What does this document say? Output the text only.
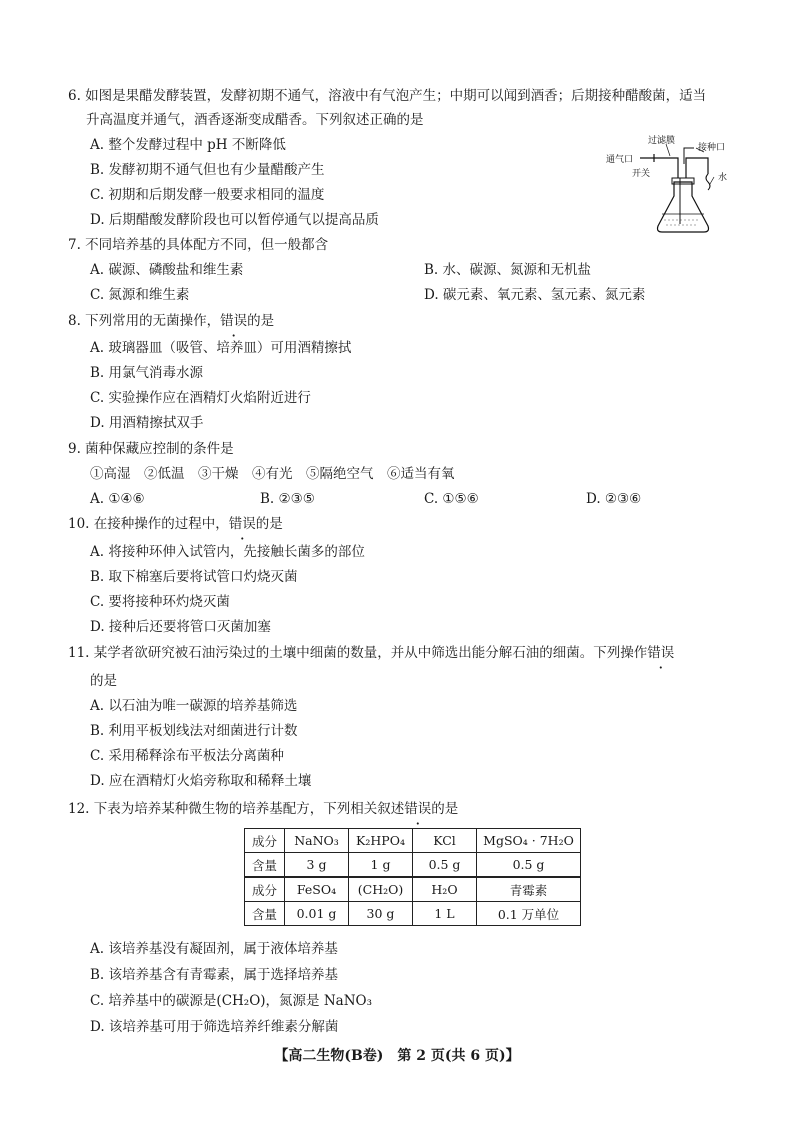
6. 如图是果醋发酵装置，发酵初期不通气，溶液中有气泡产生；中期可以闻到酒香；后期接种醋酸菌，适当
升高温度并通气，酒香逐渐变成醋香。下列叙述正确的是
A. 整个发酵过程中 pH 不断降低
B. 发酵初期不通气但也有少量醋酸产生
C. 初期和后期发酵一般要求相同的温度
D. 后期醋酸发酵阶段也可以暂停通气以提高品质
过滤膜
接种口
通气口
开关	水
7. 不同培养基的具体配方不同，但一般都含
A. 碳源、磷酸盐和维生素	B. 水、碳源、氮源和无机盐
C. 氮源和维生素	D. 碳元素、氧元素、氢元素、氮元素
8. 下列常用的无菌操作，错误的是
A. 玻璃器皿（吸管、培养皿）可用酒精擦拭
B. 用氯气消毒水源
C. 实验操作应在酒精灯火焰附近进行
D. 用酒精擦拭双手
9. 菌种保藏应控制的条件是
①高湿　②低温　③干燥　④有光　⑤隔绝空气　⑥适当有氧
A. ①④⑥	B. ②③⑤	C. ①⑤⑥	D. ②③⑥
10. 在接种操作的过程中，错误的是
A. 将接种环伸入试管内，先接触长菌多的部位
B. 取下棉塞后要将试管口灼烧灭菌
C. 要将接种环灼烧灭菌
D. 接种后还要将管口灭菌加塞
11. 某学者欲研究被石油污染过的土壤中细菌的数量，并从中筛选出能分解石油的细菌。下列操作错误
的是
A. 以石油为唯一碳源的培养基筛选
B. 利用平板划线法对细菌进行计数
C. 采用稀释涂布平板法分离菌种
D. 应在酒精灯火焰旁称取和稀释土壤
12. 下表为培养某种微生物的培养基配方，下列相关叙述错误的是
成分	NaNO₃	K₂HPO₄	KCl	MgSO₄ · 7H₂O
含量	3 g	1 g	0.5 g	0.5 g
成分	FeSO₄	(CH₂O)	H₂O	青霉素
含量	0.01 g	30 g	1 L	0.1 万单位
A. 该培养基没有凝固剂，属于液体培养基
B. 该培养基含有青霉素，属于选择培养基
C. 培养基中的碳源是(CH₂O)，氮源是 NaNO₃
D. 该培养基可用于筛选培养纤维素分解菌
【高二生物(B卷)　第 2 页(共 6 页)】
